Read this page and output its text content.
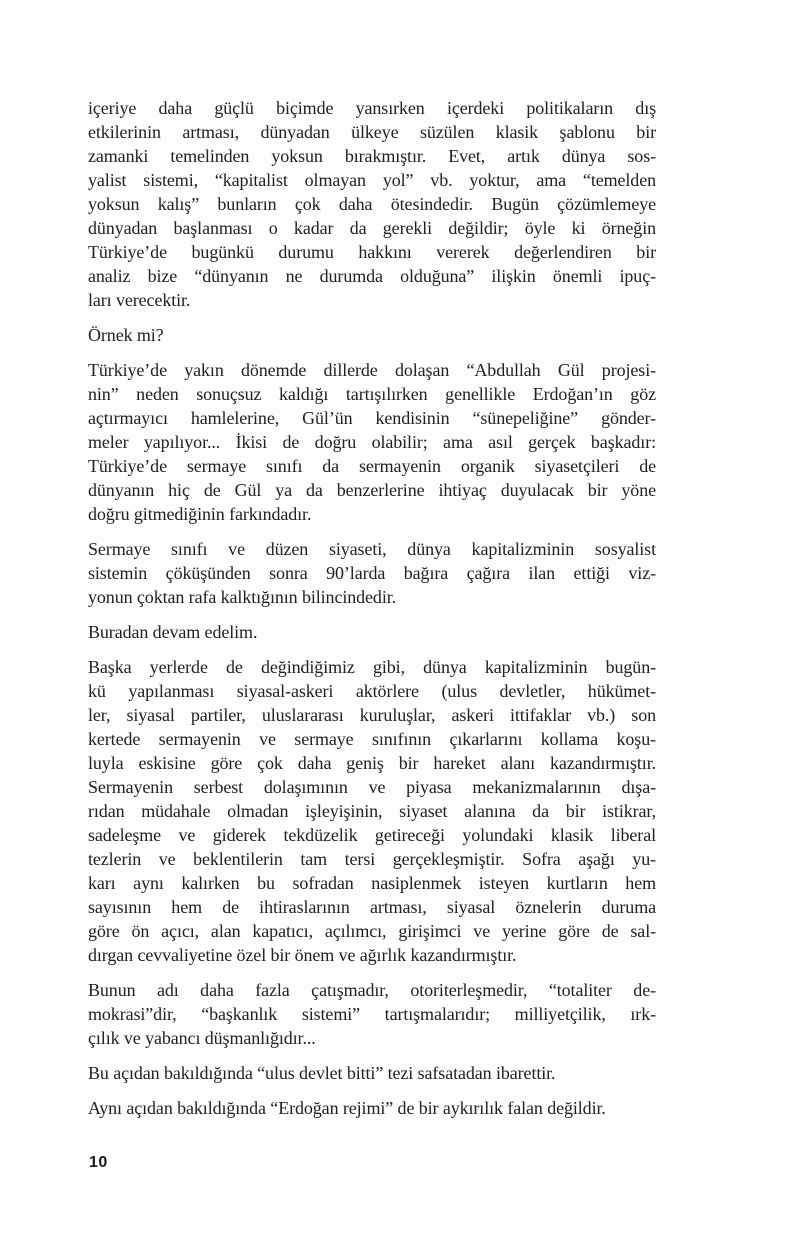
içeriye daha güçlü biçimde yansırken içerdeki politikaların dış
etkilerinin artması, dünyadan ülkeye süzülen klasik şablonu bir
zamanki temelinden yoksun bırakmıştır. Evet, artık dünya sos-
yalist sistemi, “kapitalist olmayan yol” vb. yoktur, ama “temelden
yoksun kalış” bunların çok daha ötesindedir. Bugün çözümlemeye
dünyadan başlanması o kadar da gerekli değildir; öyle ki örneğin
Türkiye’de bugünkü durumu hakkını vererek değerlendiren bir
analiz bize “dünyanın ne durumda olduğuna” ilişkin önemli ipuç-
ları verecektir.
Örnek mi?
Türkiye’de yakın dönemde dillerde dolaşan “Abdullah Gül projesi-
nin” neden sonuçsuz kaldığı tartışılırken genellikle Erdoğan’ın göz
açtırmayıcı hamlelerine, Gül’ün kendisinin “sünepeliğine” gönder-
meler yapılıyor... İkisi de doğru olabilir; ama asıl gerçek başkadır:
Türkiye’de sermaye sınıfı da sermayenin organik siyasetçileri de
dünyanın hiç de Gül ya da benzerlerine ihtiyaç duyulacak bir yöne
doğru gitmediğinin farkındadır.
Sermaye sınıfı ve düzen siyaseti, dünya kapitalizminin sosyalist
sistemin çöküşünden sonra 90’larda bağıra çağıra ilan ettiği viz-
yonun çoktan rafa kalktığının bilincindedir.
Buradan devam edelim.
Başka yerlerde de değindiğimiz gibi, dünya kapitalizminin bugün-
kü yapılanması siyasal-askeri aktörlere (ulus devletler, hükümet-
ler, siyasal partiler, uluslararası kuruluşlar, askeri ittifaklar vb.) son
kertede sermayenin ve sermaye sınıfının çıkarlarını kollama koşu-
luyla eskisine göre çok daha geniş bir hareket alanı kazandırmıştır.
Sermayenin serbest dolaşımının ve piyasa mekanizmalarının dışa-
rıdan müdahale olmadan işleyişinin, siyaset alanına da bir istikrar,
sadeleşme ve giderek tekdüzelik getireceği yolundaki klasik liberal
tezlerin ve beklentilerin tam tersi gerçekleşmiştir. Sofra aşağı yu-
karı aynı kalırken bu sofradan nasiplenmek isteyen kurtların hem
sayısının hem de ihtiraslarının artması, siyasal öznelerin duruma
göre ön açıcı, alan kapatıcı, açılımcı, girişimci ve yerine göre de sal-
dırgan cevvaliyetine özel bir önem ve ağırlık kazandırmıştır.
Bunun adı daha fazla çatışmadır, otoriterleşmedir, “totaliter de-
mokrasi”dir, “başkanlık sistemi” tartışmalarıdır; milliyetçilik, ırk-
çılık ve yabancı düşmanlığıdır...
Bu açıdan bakıldığında “ulus devlet bitti” tezi safsatadan ibarettir.
Aynı açıdan bakıldığında “Erdoğan rejimi” de bir aykırılık falan değildir.
10
